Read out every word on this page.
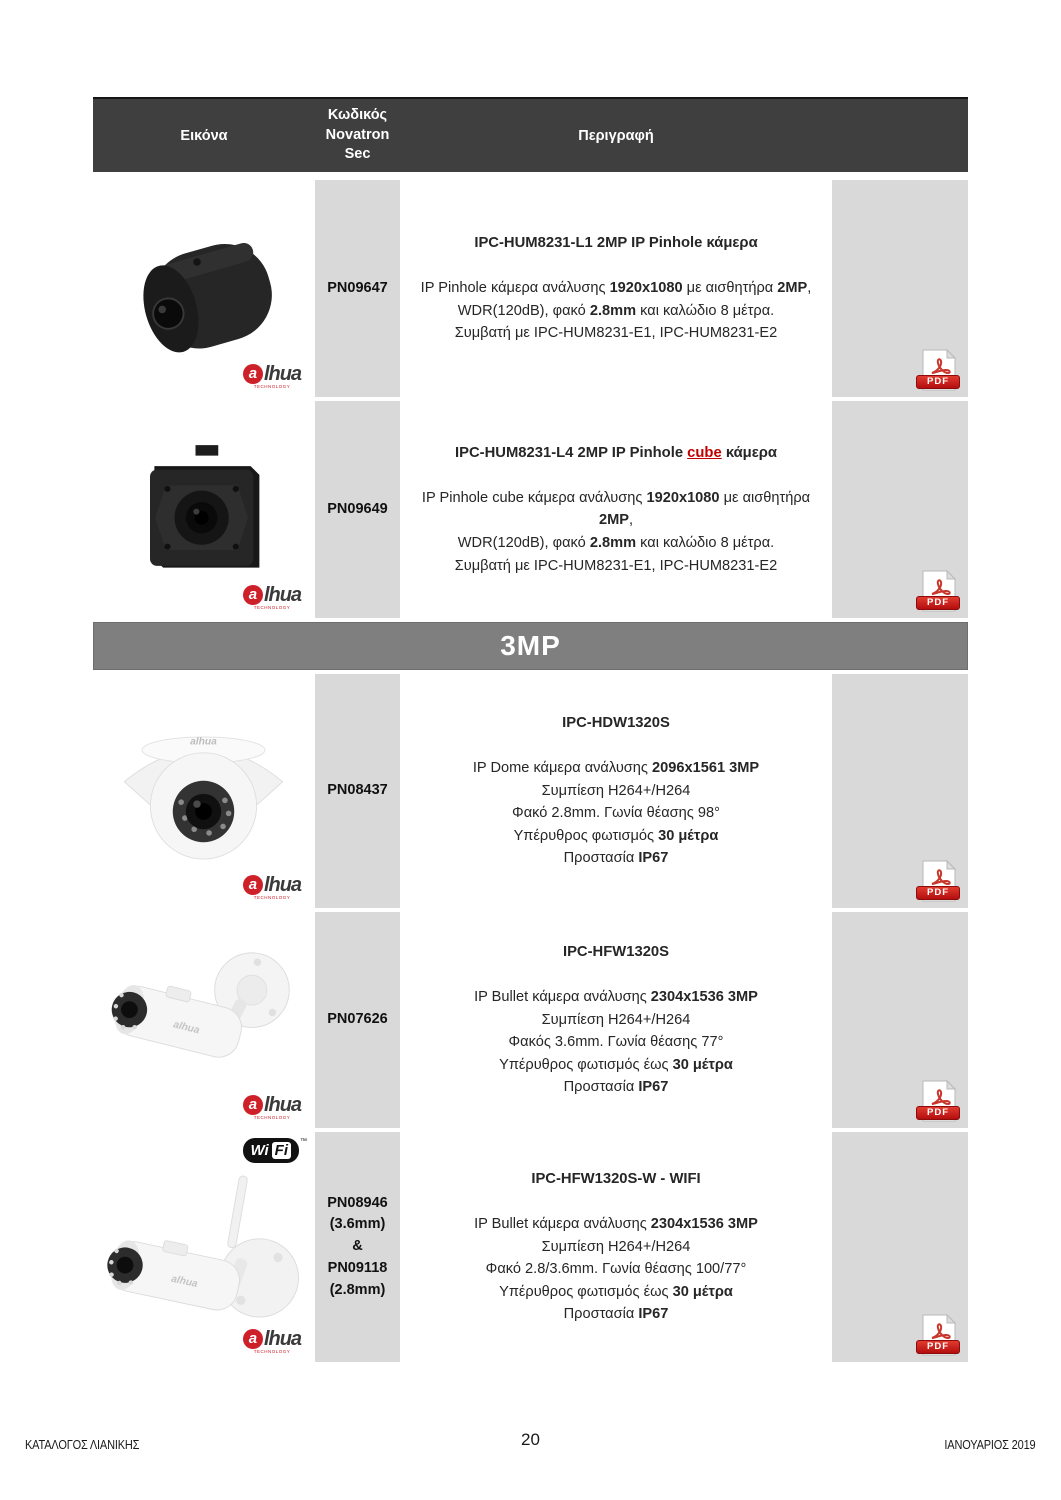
Εικόνα
Κωδικός
Novatron
Sec
Περιγραφή
a lhua
TECHNOLOGY
PN09647
IPC-HUM8231-L1 2MP IP Pinhole κάμερα
IP Pinhole κάμερα ανάλυσης 1920x1080 με αισθητήρα 2MP,
WDR(120dB), φακό 2.8mm και καλώδιο 8 μέτρα.
Συμβατή με IPC-HUM8231-E1, IPC-HUM8231-E2
PDF
a lhua
TECHNOLOGY
PN09649
IPC-HUM8231-L4 2MP IP Pinhole cube κάμερα
IP Pinhole cube κάμερα ανάλυσης 1920x1080 με αισθητήρα 2MP,
WDR(120dB), φακό 2.8mm και καλώδιο 8 μέτρα.
Συμβατή με IPC-HUM8231-E1, IPC-HUM8231-E2
PDF
3MP
alhua
a lhua
TECHNOLOGY
PN08437
IPC-HDW1320S
IP Dome κάμερα ανάλυσης 2096x1561 3MP
Συμπίεση H264+/H264
Φακό 2.8mm. Γωνία θέασης 98°
Υπέρυθρος φωτισμός 30 μέτρα
Προστασία IP67
PDF
alhua
a lhua
TECHNOLOGY
PN07626
IPC-HFW1320S
IP Bullet κάμερα ανάλυσης 2304x1536 3MP
Συμπίεση H264+/H264
Φακός 3.6mm. Γωνία θέασης 77°
Υπέρυθρος φωτισμός έως 30 μέτρα
Προστασία IP67
PDF
Wi Fi
™
alhua
a lhua
TECHNOLOGY
PN08946
(3.6mm)
&
PN09118
(2.8mm)
IPC-HFW1320S-W - WIFI
IP Bullet κάμερα ανάλυσης 2304x1536 3MP
Συμπίεση H264+/H264
Φακό 2.8/3.6mm. Γωνία θέασης 100/77°
Υπέρυθρος φωτισμός έως 30 μέτρα
Προστασία IP67
PDF
ΚΑΤΑΛΟΓΟΣ ΛΙΑΝΙΚΗΣ	20	ΙΑΝΟΥΑΡΙΟΣ 2019
